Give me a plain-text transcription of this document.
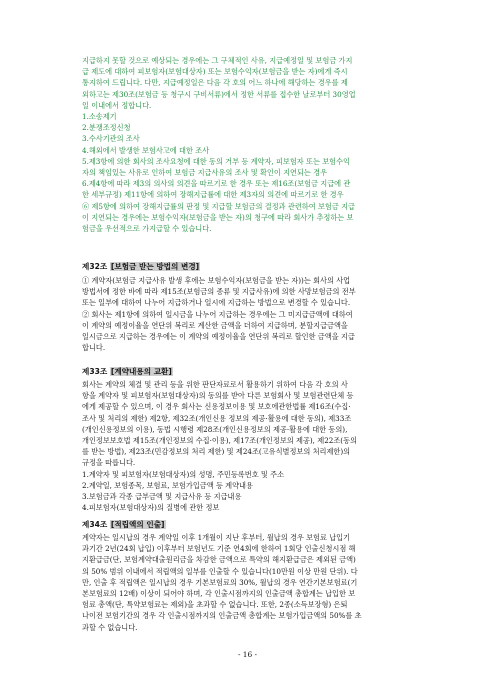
지급하지 못할 것으로 예상되는 경우에는 그 구체적인 사유, 지급예정일 및 보험금 가지

급 제도에 대하여 피보험자(보험대상자) 또는 보험수익자(보험금을 받는 자)에게 즉시

통지하여 드립니다. 다만, 지급예정일은 다음 각 호의 어느 하나에 해당하는 경우를 제

외하고는 제30조(보험금 등 청구시 구비서류)에서 정한 서류를 접수한 날로부터 30영업

일 이내에서 정합니다.

1.소송제기

2.분쟁조정신청

3.수사기관의 조사

4.해외에서 발생한 보험사고에 대한 조사

5.제3항에 의한 회사의 조사요청에 대한 동의 거부 등 계약자, 피보험자 또는 보험수익

자의 책임있는 사유로 인하여 보험금 지급사유의 조사 및 확인이 지연되는 경우

6.제4항에 따라 제3의 의사의 의견을 따르기로 한 경우 또는 제16조(보험금 지급에 관

한 세부규정) 제11항에 의하여 장해지급률에 대한 제3자의 의견에 따르기로 한 경우

⑥ 제5항에 의하여 장해지급률의 판정 및 지급할 보험금의 결정과 관련하여 보험금 지급

이 지연되는 경우에는 보험수익자(보험금을 받는 자)의 청구에 따라 회사가 추정하는 보

험금을 우선적으로 가지급할 수 있습니다.

제32조 [보험금 받는 방법의 변경]

① 계약자(보험금 지급사유 발생 후에는 보험수익자(보험금을 받는 자))는 회사의 사업

방법서에 정한 바에 따라 제15조(보험금의 종류 및 지급사유)에 의한 사망보험금의 전부

또는 일부에 대하여 나누어 지급하거나 일시에 지급하는 방법으로 변경할 수 있습니다.

② 회사는 제1항에 의하여 일시금을 나누어 지급하는 경우에는 그 미지급금액에 대하여

이 계약의 예정이율을 연단위 복리로 계산한 금액을 더하여 지급하며, 분할지급금액을

일시금으로 지급하는 경우에는 이 계약의 예정이율을 연단위 복리로 할인한 금액을 지급

합니다.

제33조 [계약내용의 교환]

회사는 계약의 체결 및 관리 등을 위한 판단자료로서 활용하기 위하여 다음 각 호의 사

항을 계약자 및 피보험자(보험대상자)의 동의를 받아 다른 보험회사 및 보험관련단체 등

에게 제공할 수 있으며, 이 경우 회사는 신용정보이용 및 보호에관한법률 제16조(수집·

조사 및 처리의 제한) 제2항, 제32조(개인신용 정보의 제공·활용에 대한 동의), 제33조

(개인신용정보의 이용), 동법 시행령 제28조(개인신용정보의 제공·활용에 대한 동의),

개인정보보호법 제15조(개인정보의 수집·이용), 제17조(개인정보의 제공), 제22조(동의

를 받는 방법), 제23조(민감정보의 처리 제한) 및 제24조(고유식별정보의 처리제한)의

규정을 따릅니다.

1.계약자 및 피보험자(보험대상자)의 성명, 주민등록번호 및 주소

2.계약일, 보험종목, 보험료, 보험가입금액 등 계약내용

3.보험금과 각종 급부금액 및 지급사유 등 지급내용

4.피보험자(보험대상자)의 질병에 관한 정보

제34조 [적립액의 인출]

계약자는 일시납의 경우 계약일 이후 1개월이 지난 후부터, 월납의 경우 보험료 납입기

과기간 2년(24회 납입) 이후부터 보험년도 기준 연4회에 한하여 1회당 인출신청시점 해

지환급금(단, 보험계약대출원리금을 차감한 금액으로 특약의 해지환급금은 제외된 금액)

의 50% 범위 이내에서 적립액의 일부를 인출할 수 있습니다(10만원 이상 만원 단위). 다

만, 인출 후 적립액은 일시납의 경우 기본보험료의 30%, 월납의 경우 연간기본보험료(기

본보험료의 12배) 이상이 되어야 하며, 각 인출시점까지의 인출금액 총합계는 납입한 보

험료 총액(단, 특약보험료는 제외)을 초과할 수 없습니다. 또한, 2종(소득보장형) 은퇴

나이전 보험기간의 경우 각 인출시점까지의 인출금액 총합계는 보험가입금액의 50%를 초

과할 수 없습니다.

- 16 -
